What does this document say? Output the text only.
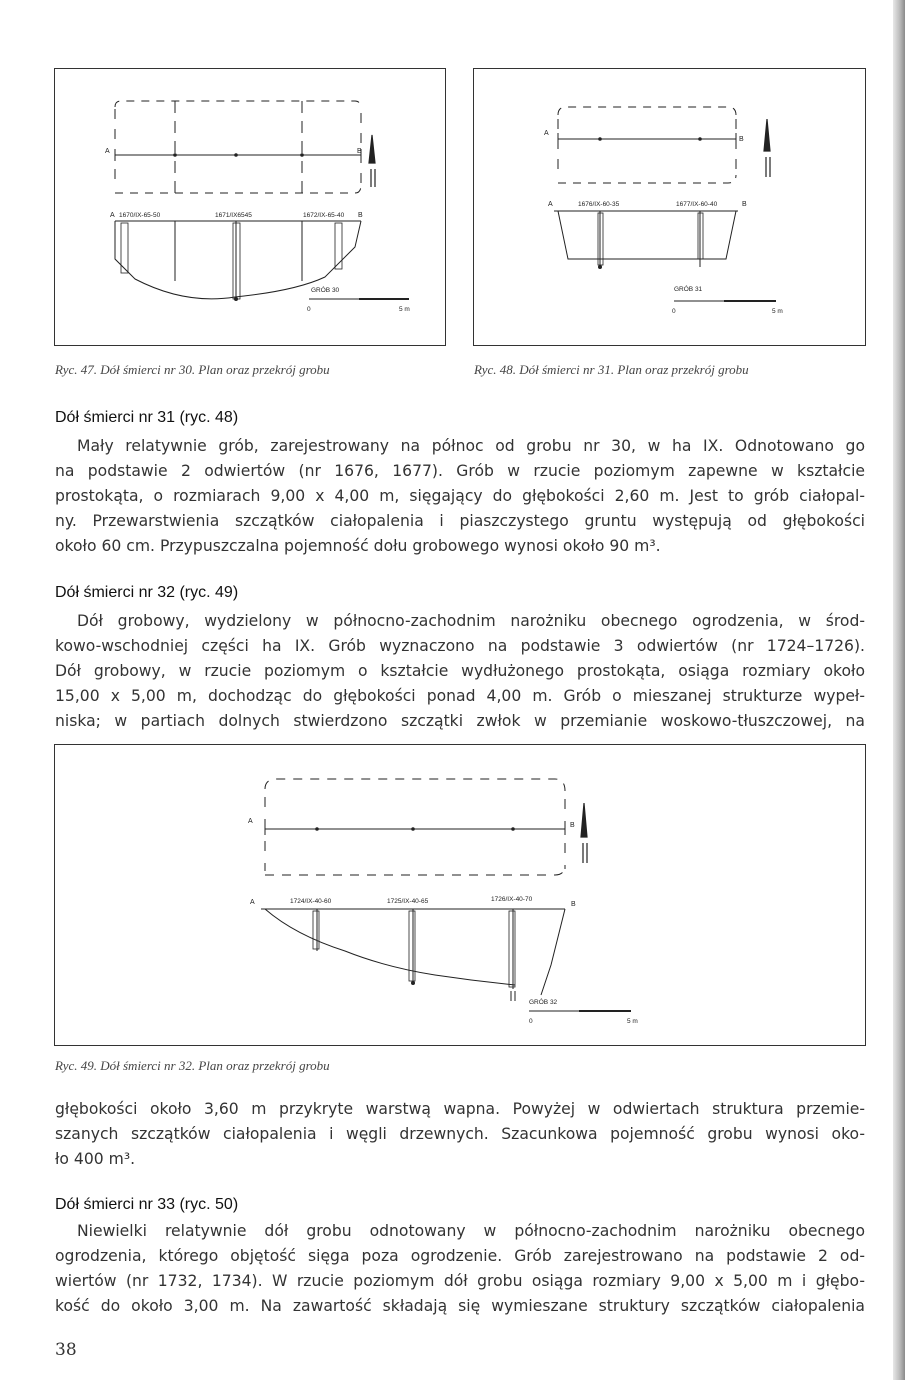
A	B
A	B
1670/IX-65-50	1671/IX6545	1672/IX-65-40
GRÓB 30
0	5 m
Ryc. 47. Dół śmierci nr 30. Plan oraz przekrój grobu
A
B
A	B
1676/IX-60-35	1677/IX-60-40
GRÓB 31
0	5 m
Ryc. 48. Dół śmierci nr 31. Plan oraz przekrój grobu
Dół śmierci nr 31 (ryc. 48)
Mały relatywnie grób, zarejestrowany na północ od grobu nr 30, w ha IX. Odnotowano go
na podstawie 2 odwiertów (nr 1676, 1677). Grób w rzucie poziomym zapewne w kształcie
prostokąta, o rozmiarach 9,00 x 4,00 m, sięgający do głębokości 2,60 m. Jest to grób ciałopal-
ny. Przewarstwienia szczątków ciałopalenia i piaszczystego gruntu występują od głębokości
około 60 cm. Przypuszczalna pojemność dołu grobowego wynosi około 90 m³.
Dół śmierci nr 32 (ryc. 49)
Dół grobowy, wydzielony w północno-zachodnim narożniku obecnego ogrodzenia, w środ-
kowo-wschodniej części ha IX. Grób wyznaczono na podstawie 3 odwiertów (nr 1724–1726).
Dół grobowy, w rzucie poziomym o kształcie wydłużonego prostokąta, osiąga rozmiary około
15,00 x 5,00 m, dochodząc do głębokości ponad 4,00 m. Grób o mieszanej strukturze wypeł-
niska; w partiach dolnych stwierdzono szczątki zwłok w przemianie woskowo-tłuszczowej, na
A
B
A	B
1724/IX-40-60	1725/IX-40-65	1726/IX-40-70
GRÓB 32
0	5 m
Ryc. 49. Dół śmierci nr 32. Plan oraz przekrój grobu
głębokości około 3,60 m przykryte warstwą wapna. Powyżej w odwiertach struktura przemie-
szanych szczątków ciałopalenia i węgli drzewnych. Szacunkowa pojemność grobu wynosi oko-
ło 400 m³.
Dół śmierci nr 33 (ryc. 50)
Niewielki relatywnie dół grobu odnotowany w północno-zachodnim narożniku obecnego
ogrodzenia, którego objętość sięga poza ogrodzenie. Grób zarejestrowano na podstawie 2 od-
wiertów (nr 1732, 1734). W rzucie poziomym dół grobu osiąga rozmiary 9,00 x 5,00 m i głębo-
kość do około 3,00 m. Na zawartość składają się wymieszane struktury szczątków ciałopalenia
38
